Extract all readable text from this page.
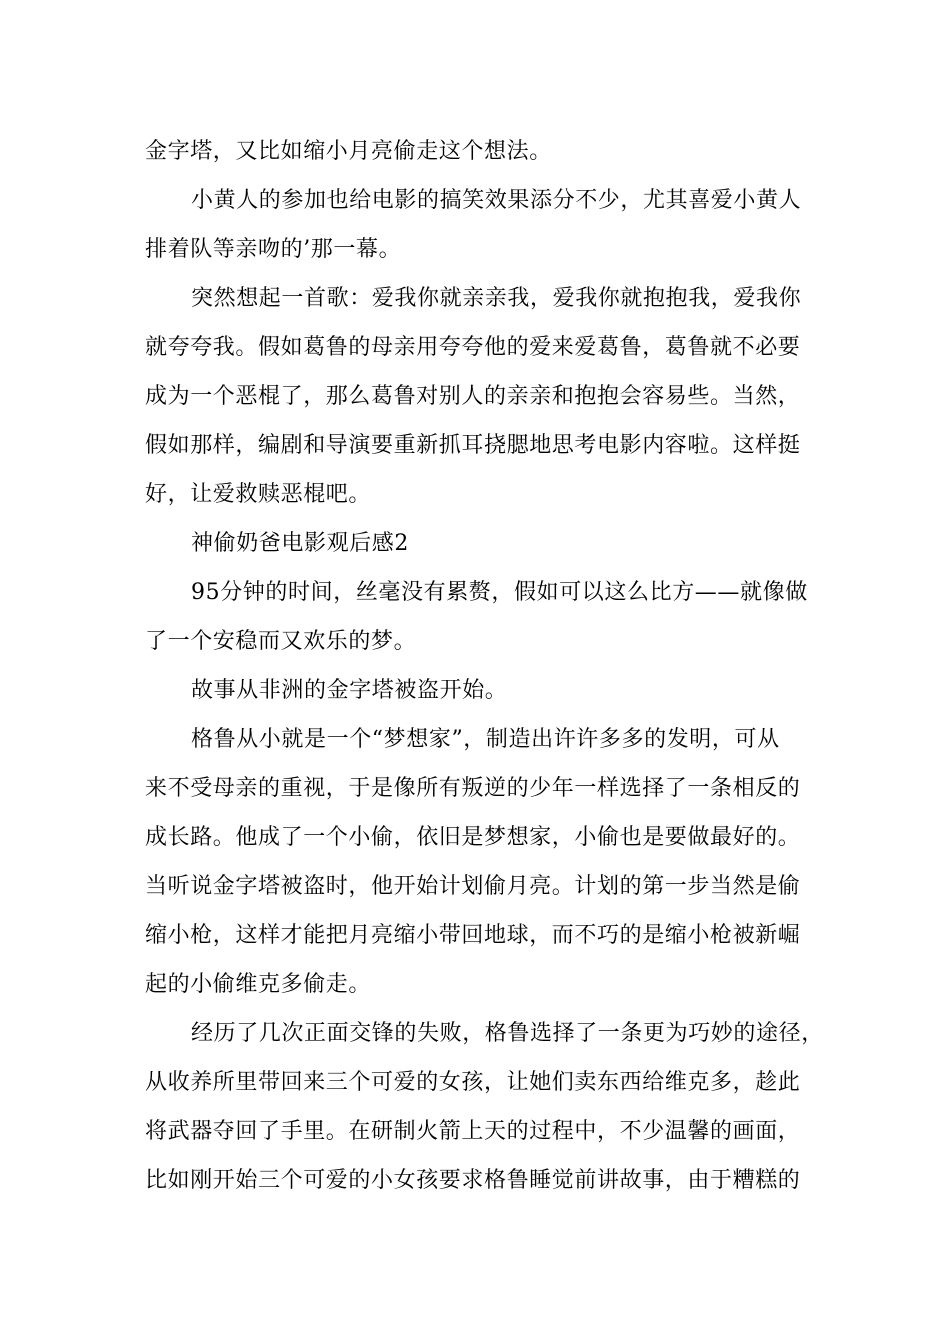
金字塔，又比如缩小月亮偷走这个想法。
小黄人的参加也给电影的搞笑效果添分不少，尤其喜爱小黄人
排着队等亲吻的’那一幕。
突然想起一首歌：爱我你就亲亲我，爱我你就抱抱我，爱我你
就夸夸我。假如葛鲁的母亲用夸夸他的爱来爱葛鲁，葛鲁就不必要
成为一个恶棍了，那么葛鲁对别人的亲亲和抱抱会容易些。当然，
假如那样，编剧和导演要重新抓耳挠腮地思考电影内容啦。这样挺
好，让爱救赎恶棍吧。
神偷奶爸电影观后感2
95分钟的时间，丝毫没有累赘，假如可以这么比方——就像做
了一个安稳而又欢乐的梦。
故事从非洲的金字塔被盗开始。
格鲁从小就是一个“梦想家”，制造出许许多多的发明，可从
来不受母亲的重视，于是像所有叛逆的少年一样选择了一条相反的
成长路。他成了一个小偷，依旧是梦想家，小偷也是要做最好的。
当听说金字塔被盗时，他开始计划偷月亮。计划的第一步当然是偷
缩小枪，这样才能把月亮缩小带回地球，而不巧的是缩小枪被新崛
起的小偷维克多偷走。
经历了几次正面交锋的失败，格鲁选择了一条更为巧妙的途径，
从收养所里带回来三个可爱的女孩，让她们卖东西给维克多，趁此
将武器夺回了手里。在研制火箭上天的过程中，不少温馨的画面，
比如刚开始三个可爱的小女孩要求格鲁睡觉前讲故事，由于糟糕的
